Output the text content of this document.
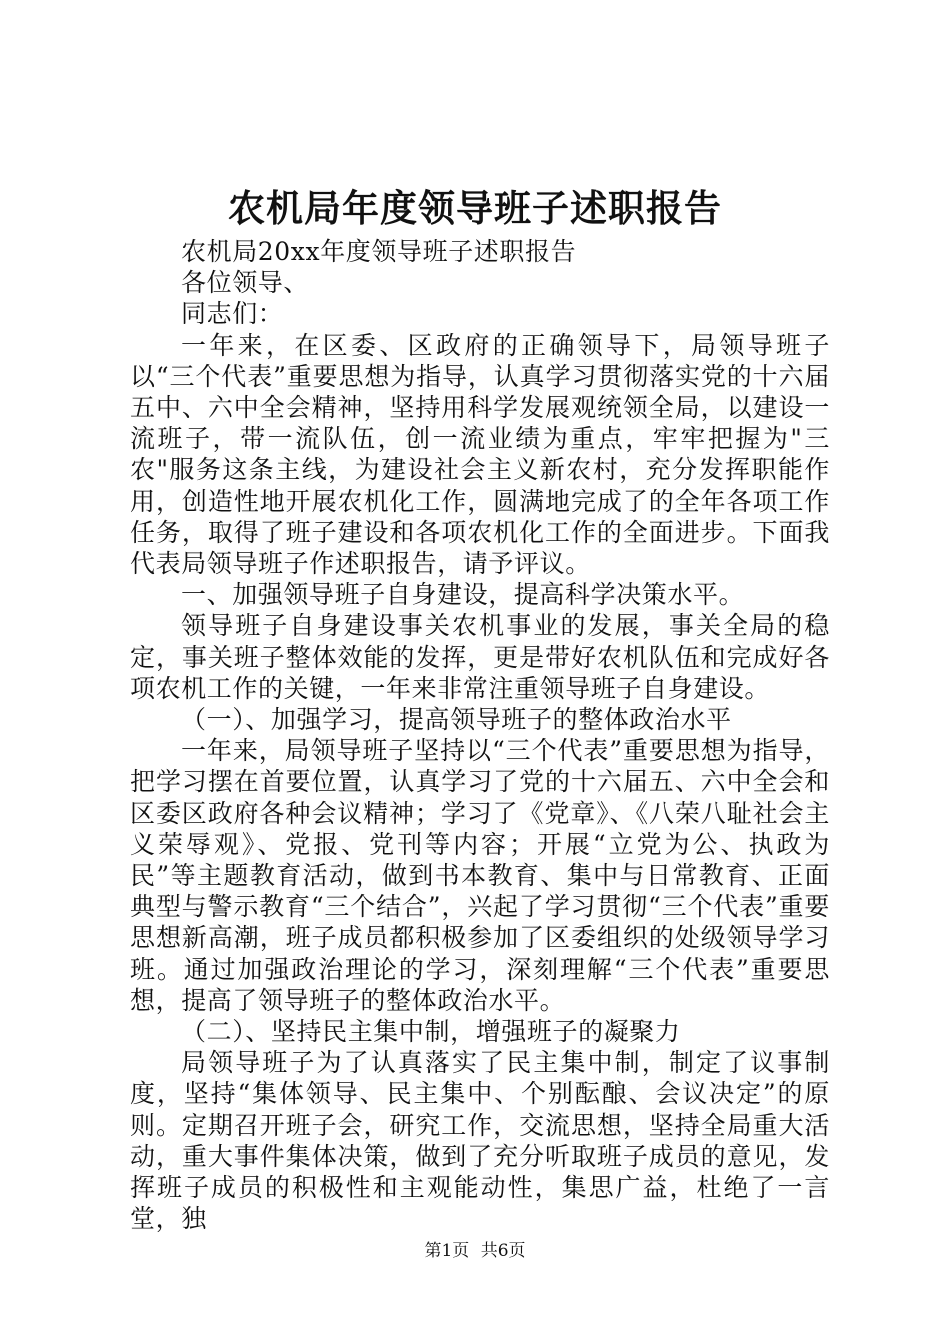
农机局年度领导班子述职报告

农机局20xx年度领导班子述职报告

各位领导、

同志们：

一年来，在区委、区政府的正确领导下，局领导班子以“三个代表”重要思想为指导，认真学习贯彻落实党的十六届五中、六中全会精神，坚持用科学发展观统领全局，以建设一流班子，带一流队伍，创一流业绩为重点，牢牢把握为"三农"服务这条主线，为建设社会主义新农村，充分发挥职能作用，创造性地开展农机化工作，圆满地完成了的全年各项工作任务，取得了班子建设和各项农机化工作的全面进步。下面我代表局领导班子作述职报告，请予评议。

一、加强领导班子自身建设，提高科学决策水平。

领导班子自身建设事关农机事业的发展，事关全局的稳定，事关班子整体效能的发挥，更是带好农机队伍和完成好各项农机工作的关键，一年来非常注重领导班子自身建设。

（一）、加强学习，提高领导班子的整体政治水平

一年来，局领导班子坚持以“三个代表”重要思想为指导，把学习摆在首要位置，认真学习了党的十六届五、六中全会和区委区政府各种会议精神；学习了《党章》、《八荣八耻社会主义荣辱观》、党报、党刊等内容；开展“立党为公、执政为民”等主题教育活动，做到书本教育、集中与日常教育、正面典型与警示教育“三个结合”，兴起了学习贯彻“三个代表”重要思想新高潮，班子成员都积极参加了区委组织的处级领导学习班。通过加强政治理论的学习，深刻理解“三个代表”重要思想，提高了领导班子的整体政治水平。

（二）、坚持民主集中制，增强班子的凝聚力

局领导班子为了认真落实了民主集中制，制定了议事制度，坚持“集体领导、民主集中、个别酝酿、会议决定”的原则。定期召开班子会，研究工作，交流思想，坚持全局重大活动，重大事件集体决策，做到了充分听取班子成员的意见，发挥班子成员的积极性和主观能动性，集思广益，杜绝了一言堂，独

第1页 共6页
